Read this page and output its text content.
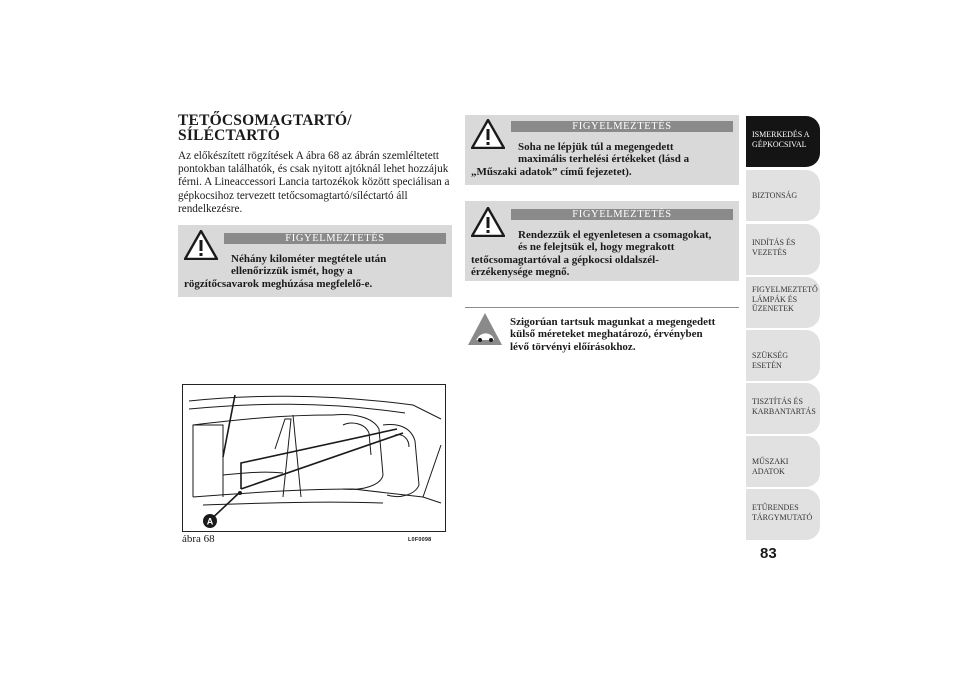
TETŐCSOMAGTARTÓ/
SÍLÉCTARTÓ
Az előkészített rögzítések A ábra 68 az ábrán szemléltetett pontokban találhatók, és csak nyitott ajtóknál lehet hozzájuk férni. A Lineaccessori Lancia tartozékok között speciálisan a gépkocsihoz tervezett tetőcsomagtartó/síléctartó áll rendelkezésre.
FIGYELMEZTETÉS
Néhány kilométer megtétele után
ellenőrizzük ismét, hogy a
rögzítőcsavarok meghúzása megfelelő-e.
A
ábra 68	L0F0098
FIGYELMEZTETÉS
Soha ne lépjük túl a megengedett
maximális terhelési értékeket (lásd a
„Műszaki adatok” című fejezetet).
FIGYELMEZTETÉS
Rendezzük el egyenletesen a csomagokat,
és ne felejtsük el, hogy megrakott
tetőcsomagtartóval a gépkocsi oldalszél-
érzékenysége megnő.
Szigorúan tartsuk magunkat a megengedett
külső méreteket meghatározó, érvényben
lévő törvényi előírásokhoz.
ISMERKEDÉS A
GÉPKOCSIVAL
BIZTONSÁG
INDÍTÁS ÉS
VEZETÉS
FIGYELMEZTETŐ
LÁMPÁK ÉS
ÜZENETEK
SZÜKSÉG ESETÉN
TISZTÍTÁS ÉS
KARBANTARTÁS
MŰSZAKI ADATOK
ETŰRENDES
TÁRGYMUTATÓ
83
